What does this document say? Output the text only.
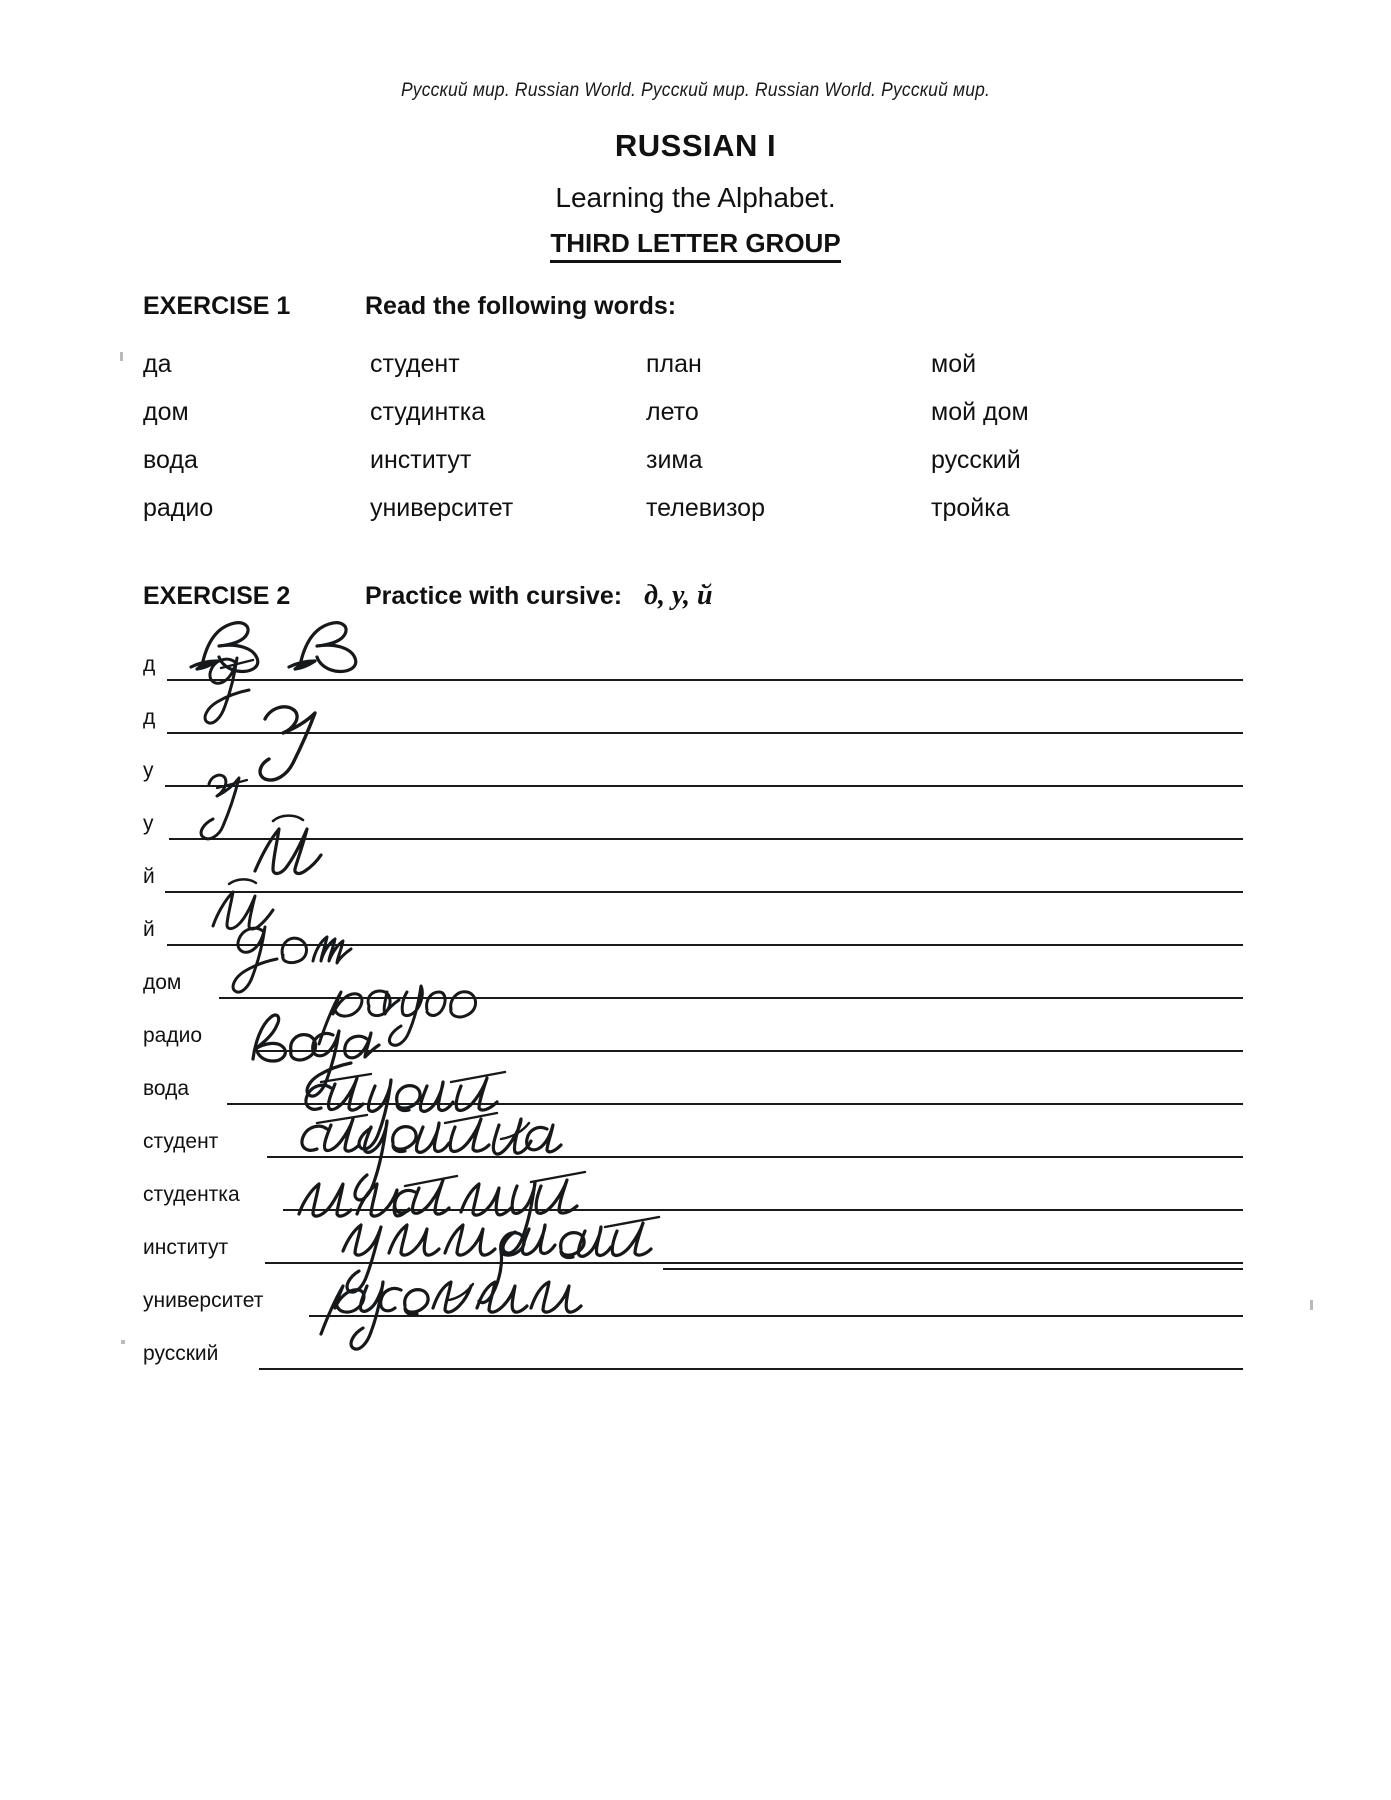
Русский мир. Russian World. Русский мир. Russian World. Русский мир.
RUSSIAN I
Learning the Alphabet.
THIRD LETTER GROUP
EXERCISE 1	Read the following words:
да	студент	план	мой
дом	студинтка	лето	мой дом
вода	институт	зима	русский
радио	университет	телевизор	тройка
EXERCISE 2	Practice with cursive: д, у, й
д
д
у
у
й
й
дом
радио
вода
студент
студентка
институт
университет
русский
